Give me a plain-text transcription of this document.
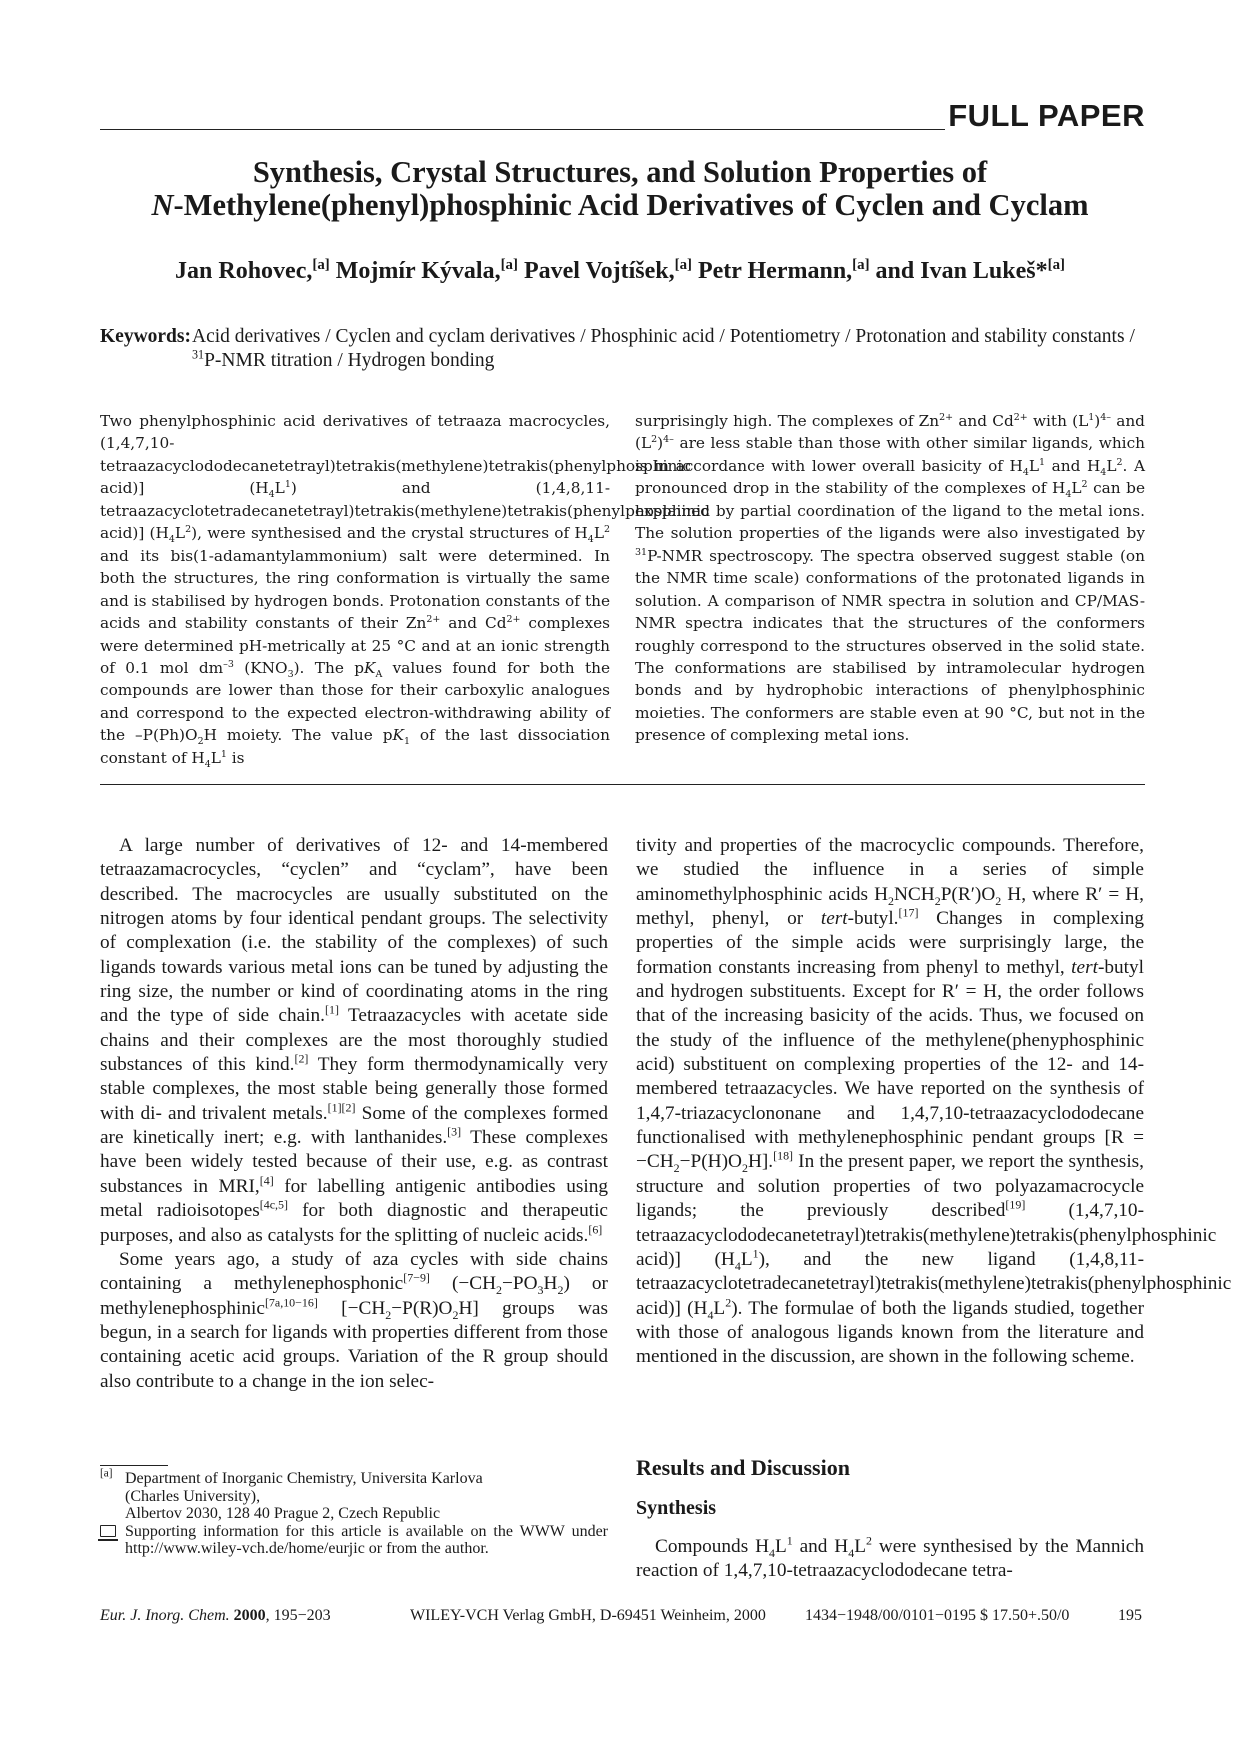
FULL PAPER
Synthesis, Crystal Structures, and Solution Properties of
N-Methylene(phenyl)phosphinic Acid Derivatives of Cyclen and Cyclam
Jan Rohovec,[a] Mojmír Kývala,[a] Pavel Vojtíšek,[a] Petr Hermann,[a] and Ivan Lukeš*[a]
Keywords: Acid derivatives / Cyclen and cyclam derivatives / Phosphinic acid / Potentiometry / Protonation and stability constants / $^{31}$P-NMR titration / Hydrogen bonding
Two phenylphosphinic acid derivatives of tetraaza macrocycles, (1,4,7,10-tetraazacyclododecanetetrayl)tetrakis(methylene)tetrakis(phenylphosphinic acid)] $(H_4L^1)$ and (1,4,8,11-tetraazacyclotetradecanetetrayl)tetrakis(methylene)tetrakis(phenylphosphinic acid)] $(H_4L^2)$, were synthesised and the crystal structures of $H_4L^2$ and its bis(1-adamantylammonium) salt were determined. In both the structures, the ring conformation is virtually the same and is stabilised by hydrogen bonds. Protonation constants of the acids and stability constants of their $Zn^{2+}$ and $Cd^{2+}$ complexes were determined pH-metrically at 25 °C and at an ionic strength of 0.1 mol $dm^{-3}$ $(KNO_3)$. The $pK_A$ values found for both the compounds are lower than those for their carboxylic analogues and correspond to the expected electron-withdrawing ability of the $-P(Ph)O_2H$ moiety. The value $pK_1$ of the last dissociation constant of $H_4L^1$ is
surprisingly high. The complexes of $Zn^{2+}$ and $Cd^{2+}$ with $(L^1)^{4-}$ and $(L^2)^{4-}$ are less stable than those with other similar ligands, which is in accordance with lower overall basicity of $H_4L^1$ and $H_4L^2$. A pronounced drop in the stability of the complexes of $H_4L^2$ can be explained by partial coordination of the ligand to the metal ions. The solution properties of the ligands were also investigated by $^{31}$P-NMR spectroscopy. The spectra observed suggest stable (on the NMR time scale) conformations of the protonated ligands in solution. A comparison of NMR spectra in solution and CP/MAS-NMR spectra indicates that the structures of the conformers roughly correspond to the structures observed in the solid state. The conformations are stabilised by intramolecular hydrogen bonds and by hydrophobic interactions of phenylphosphinic moieties. The conformers are stable even at 90 °C, but not in the presence of complexing metal ions.

A large number of derivatives of 12- and 14-membered tetraazamacrocycles, “cyclen” and “cyclam”, have been described. The macrocycles are usually substituted on the nitrogen atoms by four identical pendant groups. The selectivity of complexation (i.e. the stability of the complexes) of such ligands towards various metal ions can be tuned by adjusting the ring size, the number or kind of coordinating atoms in the ring and the type of side chain.[1] Tetraazacycles with acetate side chains and their complexes are the most thoroughly studied substances of this kind.[2] They form thermodynamically very stable complexes, the most stable being generally those formed with di- and trivalent metals.[1][2] Some of the complexes formed are kinetically inert; e.g. with lanthanides.[3] These complexes have been widely tested because of their use, e.g. as contrast substances in MRI,[4] for labelling antigenic antibodies using metal radioisotopes[4c,5] for both diagnostic and therapeutic purposes, and also as catalysts for the splitting of nucleic acids.[6]

Some years ago, a study of aza cycles with side chains containing a methylenephosphonic[7−9] $(-CH_2-PO_3H_2)$ or methylenephosphinic[7a,10−16] $[-CH_2-P(R)O_2H]$ groups was begun, in a search for ligands with properties different from those containing acetic acid groups. Variation of the R group should also contribute to a change in the ion selec-

tivity and properties of the macrocyclic compounds. Therefore, we studied the influence in a series of simple aminomethylphosphinic acids $H_2NCH_2P(R')O_2$ H, where R′ = H, methyl, phenyl, or tert-butyl.[17] Changes in complexing properties of the simple acids were surprisingly large, the formation constants increasing from phenyl to methyl, tert-butyl and hydrogen substituents. Except for R′ = H, the order follows that of the increasing basicity of the acids. Thus, we focused on the study of the influence of the methylene(phenyphosphinic acid) substituent on complexing properties of the 12- and 14-membered tetraazacycles. We have reported on the synthesis of 1,4,7-triazacyclononane and 1,4,7,10-tetraazacyclododecane functionalised with methylenephosphinic pendant groups $[R = -CH_2-P(H)O_2H].[18]$ In the present paper, we report the synthesis, structure and solution properties of two polyazamacrocycle ligands; the previously described[19] (1,4,7,10-tetraazacyclododecanetetrayl)tetrakis(methylene)tetrakis(phenylphosphinic acid)] $(H_4L^1)$, and the new ligand (1,4,8,11-tetraazacyclotetradecanetetrayl)tetrakis(methylene)tetrakis(phenylphosphinic acid)] $(H_4L^2)$. The formulae of both the ligands studied, together with those of analogous ligands known from the literature and mentioned in the discussion, are shown in the following scheme.

[a] Department of Inorganic Chemistry, Universita Karlova
(Charles University),
Albertov 2030, 128 40 Prague 2, Czech Republic
Supporting information for this article is available on the WWW under http://www.wiley-vch.de/home/eurjic or from the author.
Results and Discussion
Synthesis

Compounds $H_4L^1$ and $H_4L^2$ were synthesised by the Mannich reaction of 1,4,7,10-tetraazacyclododecane tetra-

Eur. J. Inorg. Chem. 2000, 195−203	WILEY-VCH Verlag GmbH, D-69451 Weinheim, 2000 1434−1948/00/0101−0195 $ 17.50+.50/0	195
